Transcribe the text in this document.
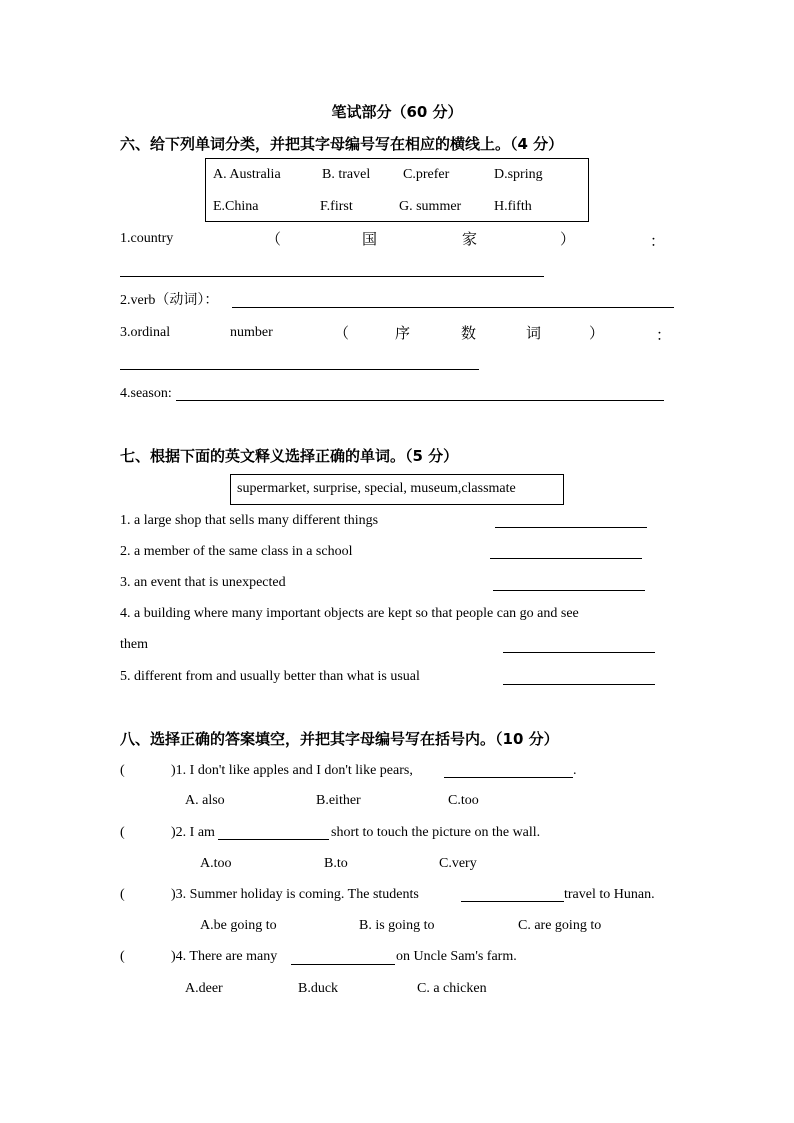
笔试部分（60 分）
六、给下列单词分类，并把其字母编号写在相应的横线上。（4 分）
A. Australia	B. travel C.prefer	D.spring
E.China	F.first	G. summer H.fifth
1.country	（	国	家	）	：
2.verb（动词）：
3.ordinal	number	（	序	数	词	）	：
4.season:
七、根据下面的英文释义选择正确的单词。（5 分）
supermarket, surprise, special, museum,classmate
1. a large shop that sells many different things
2. a member of the same class in a school
3. an event that is unexpected
4. a building where many important objects are kept so that people can go and see
them
5. different from and usually better than what is usual
八、选择正确的答案填空，并把其字母编号写在括号内。（10 分）
(	)1. I don't like apples and I don't like pears,	.
A. also	B.either	C.too
(	)2. I am	short to touch the picture on the wall.
A.too	B.to	C.very
(	)3. Summer holiday is coming. The students	travel to Hunan.
A.be going to	B. is going to	C. are going to
(	)4. There are many	on Uncle Sam's farm.
A.deer	B.duck	C. a chicken
